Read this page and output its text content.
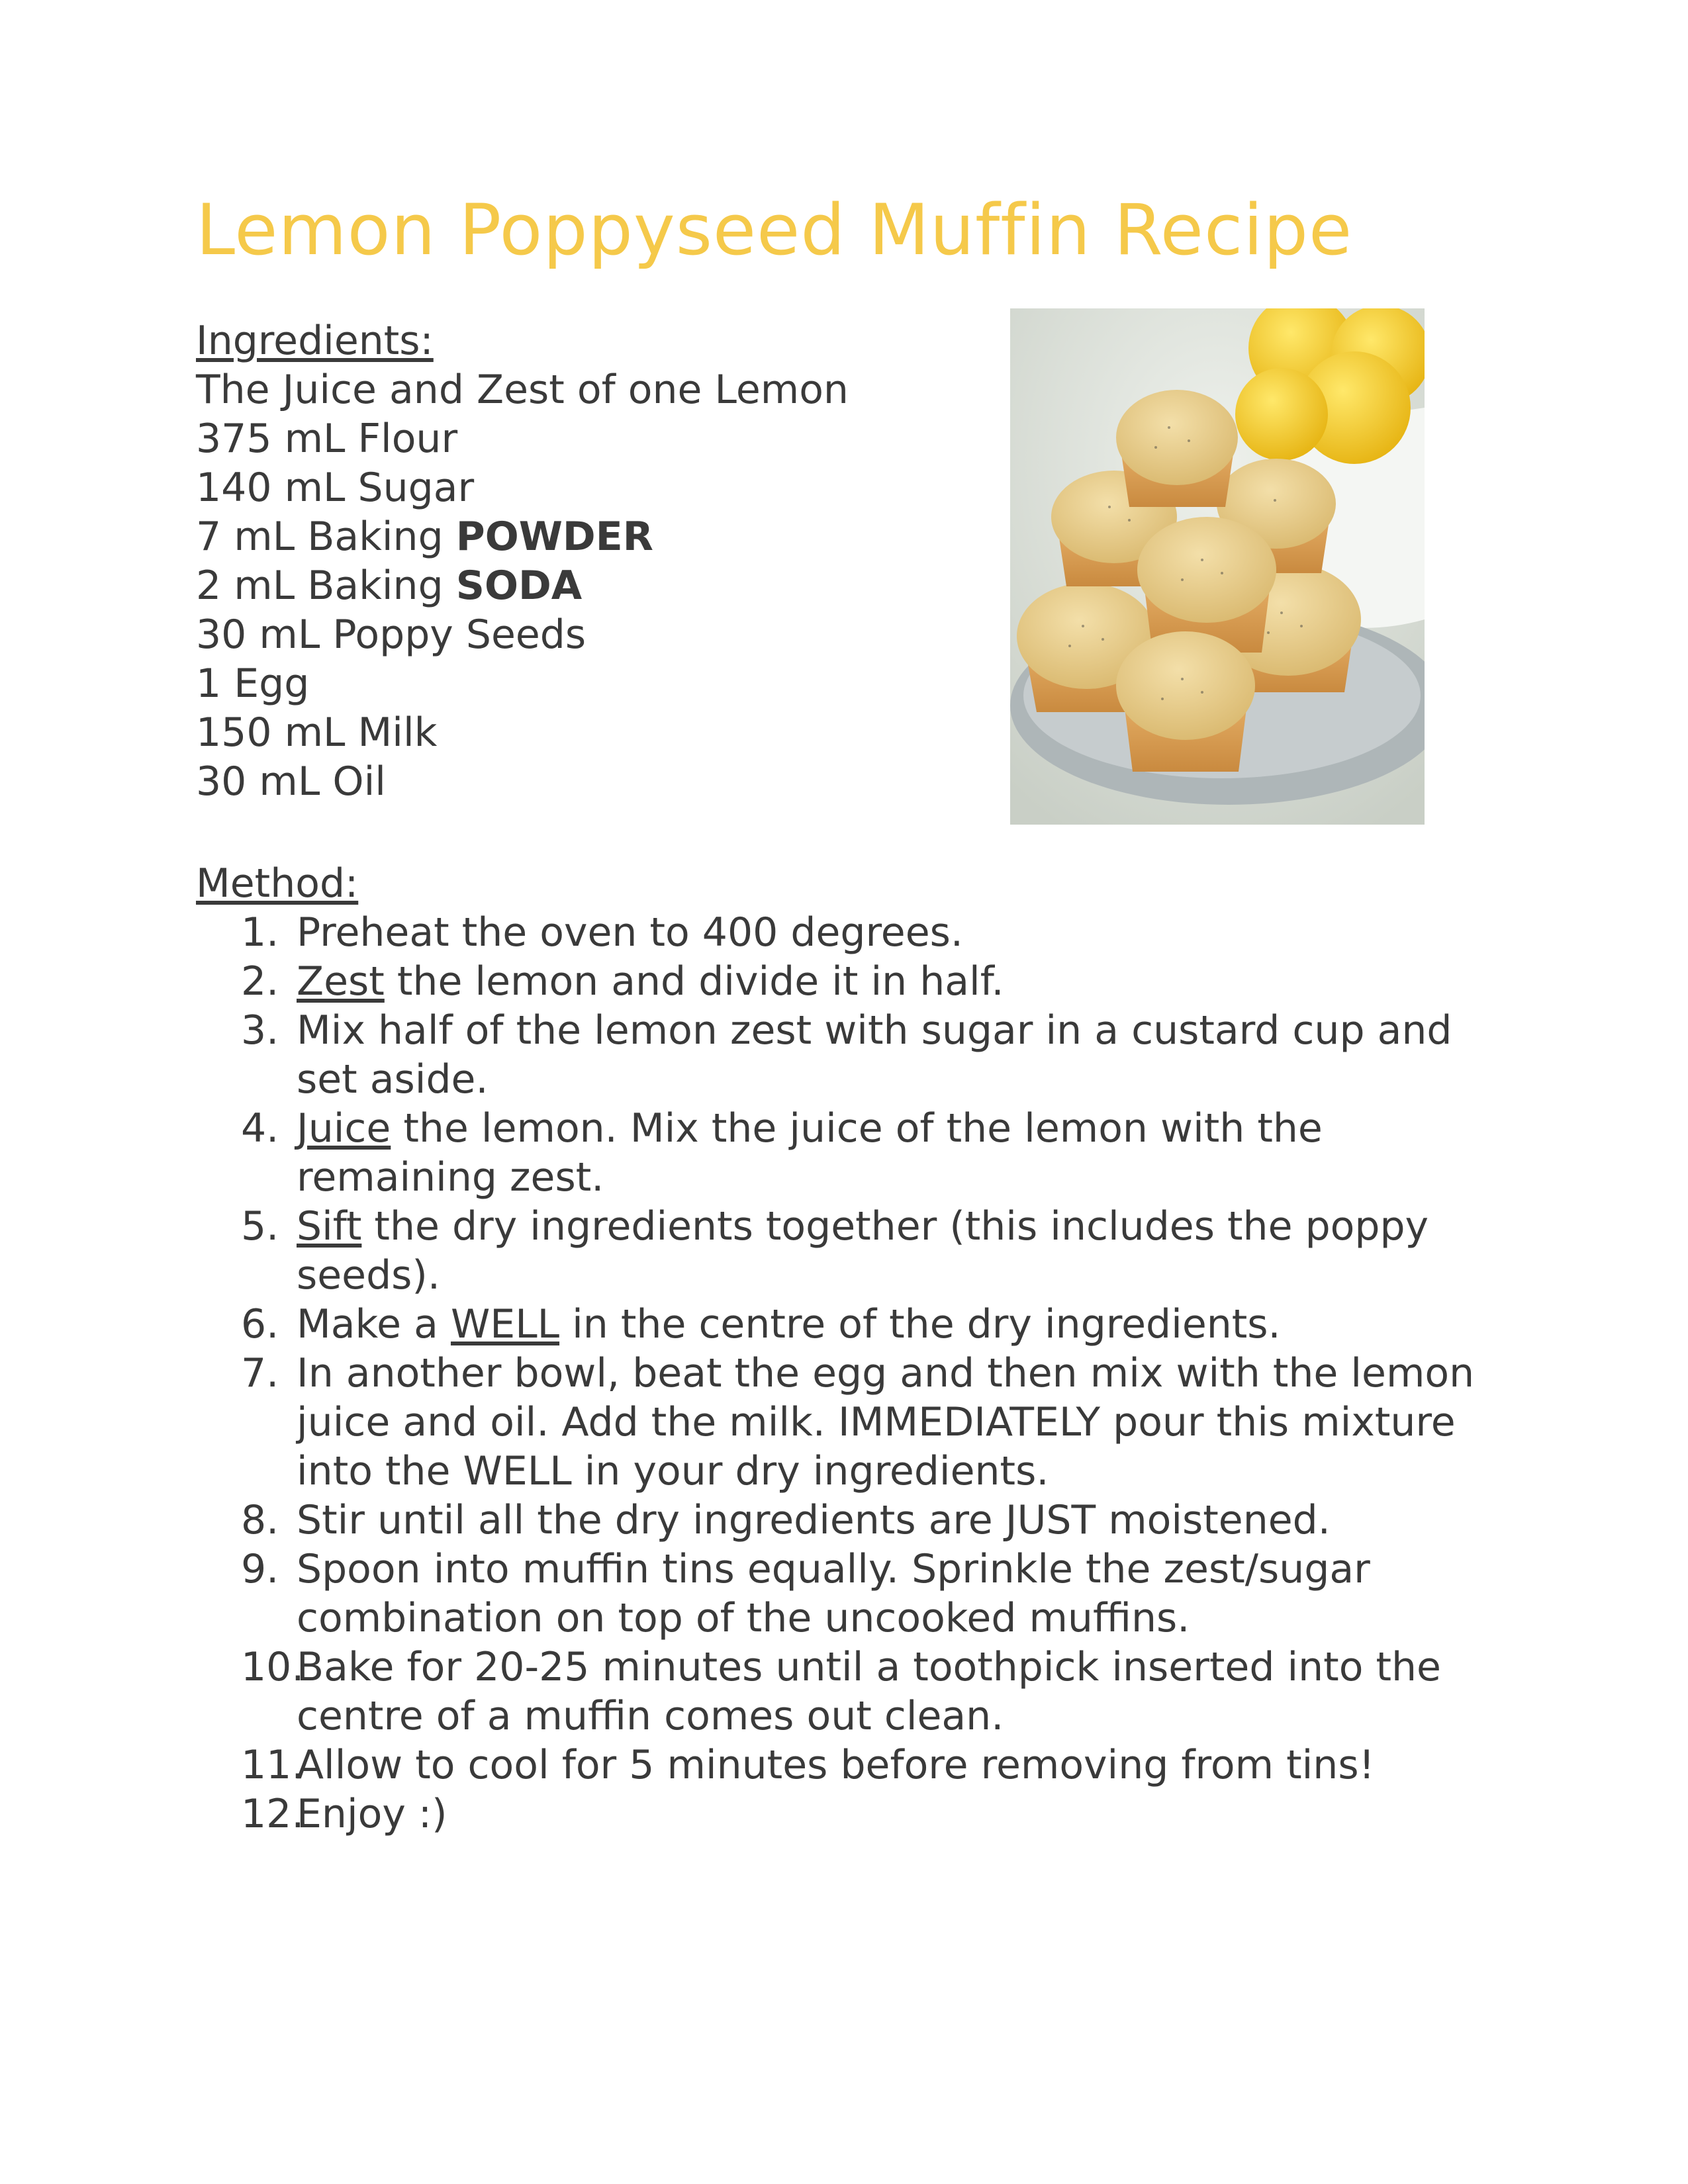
Lemon Poppyseed Muffin Recipe
Ingredients:
The Juice and Zest of one Lemon
375 mL Flour
140 mL Sugar
7 mL Baking POWDER
2 mL Baking SODA
30 mL Poppy Seeds
1 Egg
150 mL Milk
30 mL Oil
Method:
1. Preheat the oven to 400 degrees.
2. Zest the lemon and divide it in half.
3. Mix half of the lemon zest with sugar in a custard cup and set aside.
4. Juice the lemon. Mix the juice of the lemon with the remaining zest.
5. Sift the dry ingredients together (this includes the poppy seeds).
6. Make a WELL in the centre of the dry ingredients.
7. In another bowl, beat the egg and then mix with the lemon juice and oil. Add the milk. IMMEDIATELY pour this mixture into the WELL in your dry ingredients.
8. Stir until all the dry ingredients are JUST moistened.
9. Spoon into muffin tins equally. Sprinkle the zest/sugar combination on top of the uncooked muffins.
10.
Bake for 20-25 minutes until a toothpick inserted into the centre of a muffin comes out clean.
11.
Allow to cool for 5 minutes before removing from tins!
12.
Enjoy :)
